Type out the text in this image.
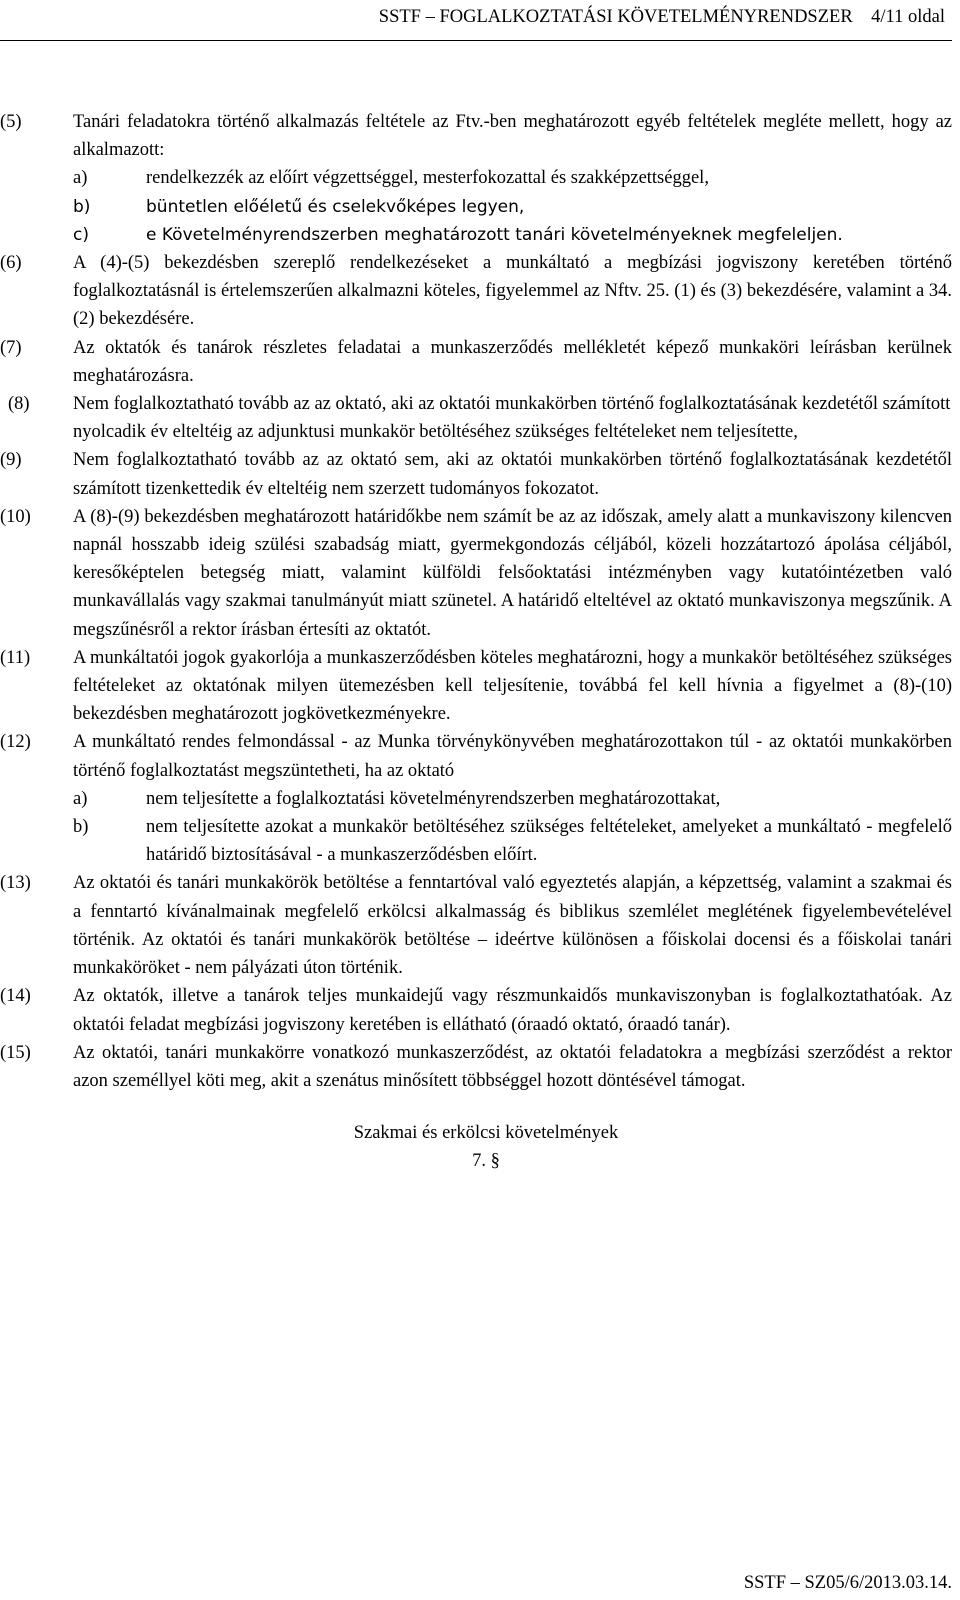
SSTF – FOGLALKOZTATÁSI KÖVETELMÉNYRENDSZER 4/11 oldal
(5)	Tanári feladatokra történő alkalmazás feltétele az Ftv.-ben meghatározott egyéb feltételek megléte mellett, hogy az alkalmazott:

a)	rendelkezzék az előírt végzettséggel, mesterfokozattal és szakképzettséggel,

b)	büntetlen előéletű és cselekvőképes legyen,

c)	e Követelményrendszerben meghatározott tanári követelményeknek megfeleljen.

(6)	A (4)-(5) bekezdésben szereplő rendelkezéseket a munkáltató a megbízási jogviszony keretében történő foglalkoztatásnál is értelemszerűen alkalmazni köteles, figyelemmel az Nftv. 25. (1) és (3) bekezdésére, valamint a 34. (2) bekezdésére.

(7)	Az oktatók és tanárok részletes feladatai a munkaszerződés mellékletét képező munkaköri leírásban kerülnek meghatározásra.

(8) Nem foglalkoztatható tovább az az oktató, aki az oktatói munkakörben történő foglalkoztatásának kezdetétől számított

nyolcadik év elteltéig az adjunktusi munkakör betöltéséhez szükséges feltételeket nem teljesítette,

(9)	Nem foglalkoztatható tovább az az oktató sem, aki az oktatói munkakörben történő foglalkoztatásának kezdetétől számított tizenkettedik év elteltéig nem szerzett tudományos fokozatot.

(10) A (8)-(9) bekezdésben meghatározott határidőkbe nem számít be az az időszak, amely alatt a munkaviszony kilencven napnál hosszabb ideig szülési szabadság miatt, gyermekgondozás céljából, közeli hozzátartozó ápolása céljából, keresőképtelen betegség miatt, valamint külföldi felsőoktatási intézményben vagy kutatóintézetben való munkavállalás vagy szakmai tanulmányút miatt szünetel. A határidő elteltével az oktató munkaviszonya megszűnik. A megszűnésről a rektor írásban értesíti az oktatót.

(11) A munkáltatói jogok gyakorlója a munkaszerződésben köteles meghatározni, hogy a munkakör betöltéséhez szükséges feltételeket az oktatónak milyen ütemezésben kell teljesítenie, továbbá fel kell hívnia a figyelmet a (8)-(10) bekezdésben meghatározott jogkövetkezményekre.

(12) A munkáltató rendes felmondással - az Munka törvénykönyvében meghatározottakon túl - az oktatói munkakörben történő foglalkoztatást megszüntetheti, ha az oktató

a)	nem teljesítette a foglalkoztatási követelményrendszerben meghatározottakat,

b)	nem teljesítette azokat a munkakör betöltéséhez szükséges feltételeket, amelyeket a munkáltató - megfelelő határidő biztosításával - a munkaszerződésben előírt.

(13) Az oktatói és tanári munkakörök betöltése a fenntartóval való egyeztetés alapján, a képzettség, valamint a szakmai és a fenntartó kívánalmainak megfelelő erkölcsi alkalmasság és biblikus szemlélet meglétének figyelembevételével történik. Az oktatói és tanári munkakörök betöltése – ideértve különösen a főiskolai docensi és a főiskolai tanári munkaköröket - nem pályázati úton történik.

(14) Az oktatók, illetve a tanárok teljes munkaidejű vagy részmunkaidős munkaviszonyban is foglalkoztathatóak. Az oktatói feladat megbízási jogviszony keretében is ellátható (óraadó oktató, óraadó tanár).

(15) Az oktatói, tanári munkakörre vonatkozó munkaszerződést, az oktatói feladatokra a megbízási szerződést a rektor azon személlyel köti meg, akit a szenátus minősített többséggel hozott döntésével támogat.

Szakmai és erkölcsi követelmények
7. §
SSTF – SZ05/6/2013.03.14.
